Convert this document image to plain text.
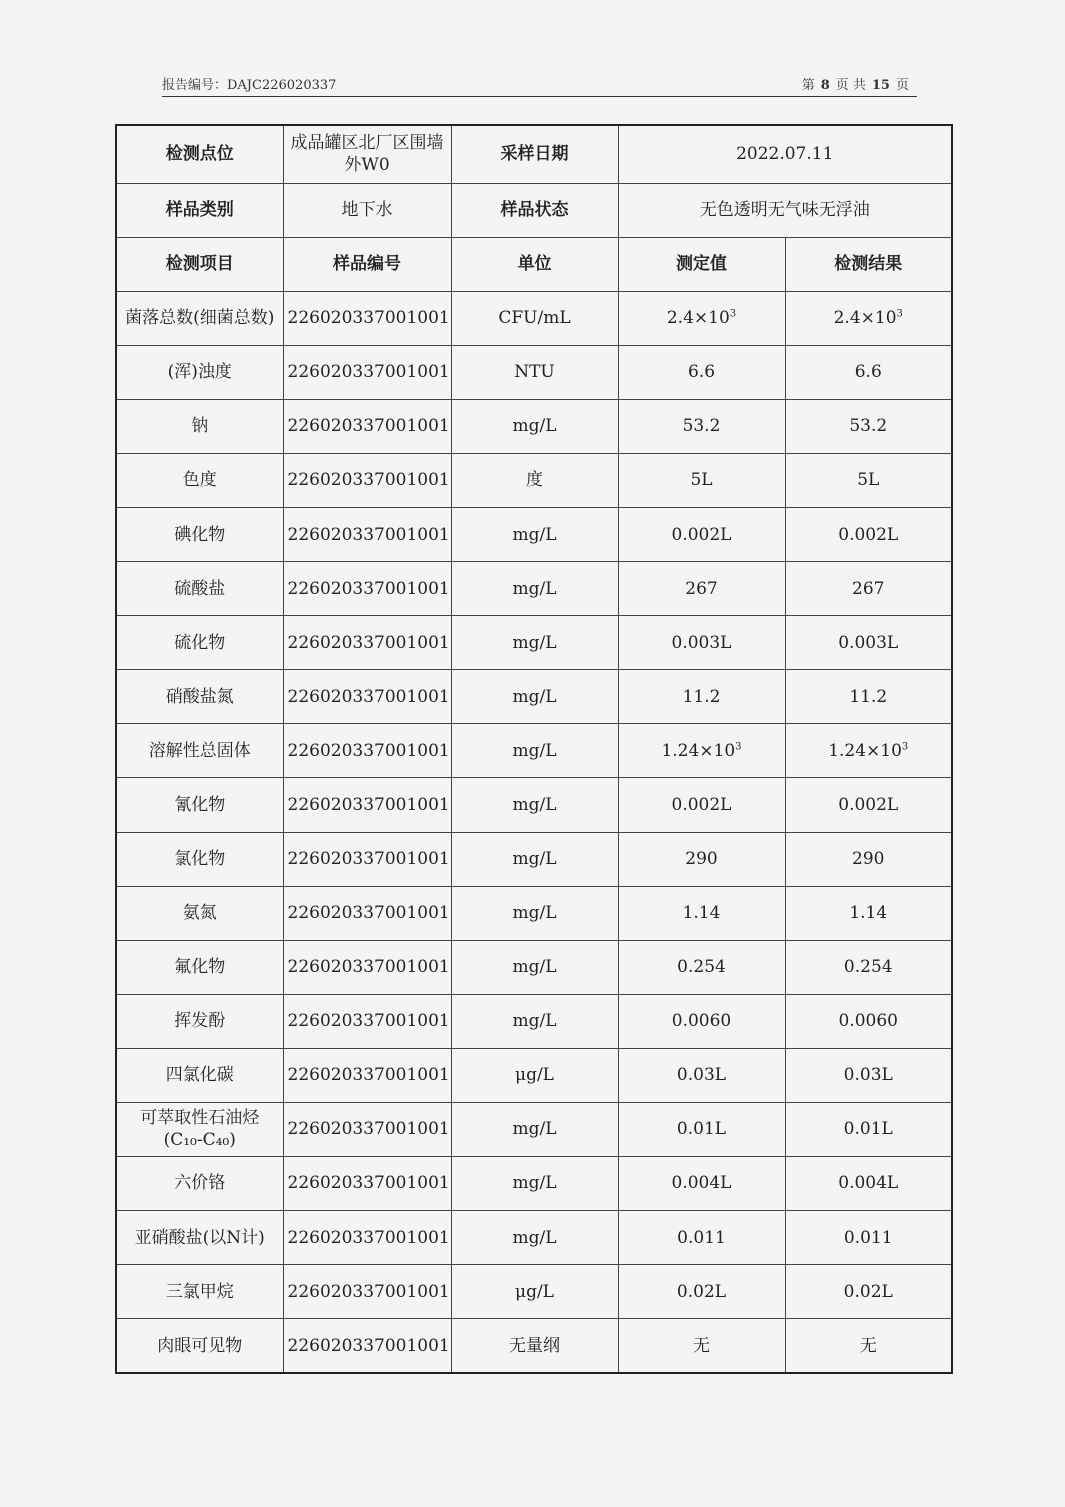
报告编号：DAJC226020337	第 8 页 共 15 页
检测点位	成品罐区北厂区围墙外W0	采样日期	2022.07.11	
样品类别	地下水	样品状态	无色透明无气味无浮油	
检测项目	样品编号	单位	测定值	检测结果
菌落总数(细菌总数)	226020337001001	CFU/mL	$2.4\times 10^3$	$2.4\times 10^3$
(浑)浊度	226020337001001	NTU	6.6	6.6
钠	226020337001001	mg/L	53.2	53.2
色度	226020337001001	度	5L	5L
碘化物	226020337001001	mg/L	0.002L	0.002L
硫酸盐	226020337001001	mg/L	267	267
硫化物	226020337001001	mg/L	0.003L	0.003L
硝酸盐氮	226020337001001	mg/L	11.2	11.2
溶解性总固体	226020337001001	mg/L	$1.24\times 10^3$	$1.24\times 10^3$
氰化物	226020337001001	mg/L	0.002L	0.002L
氯化物	226020337001001	mg/L	290	290
氨氮	226020337001001	mg/L	1.14	1.14
氟化物	226020337001001	mg/L	0.254	0.254
挥发酚	226020337001001	mg/L	0.0060	0.0060
四氯化碳	226020337001001	μg/L	0.03L	0.03L
可萃取性石油烃(C₁₀-C₄₀)	226020337001001	mg/L	0.01L	0.01L
六价铬	226020337001001	mg/L	0.004L	0.004L
亚硝酸盐(以N计)	226020337001001	mg/L	0.011	0.011
三氯甲烷	226020337001001	μg/L	0.02L	0.02L
肉眼可见物	226020337001001	无量纲	无	无
